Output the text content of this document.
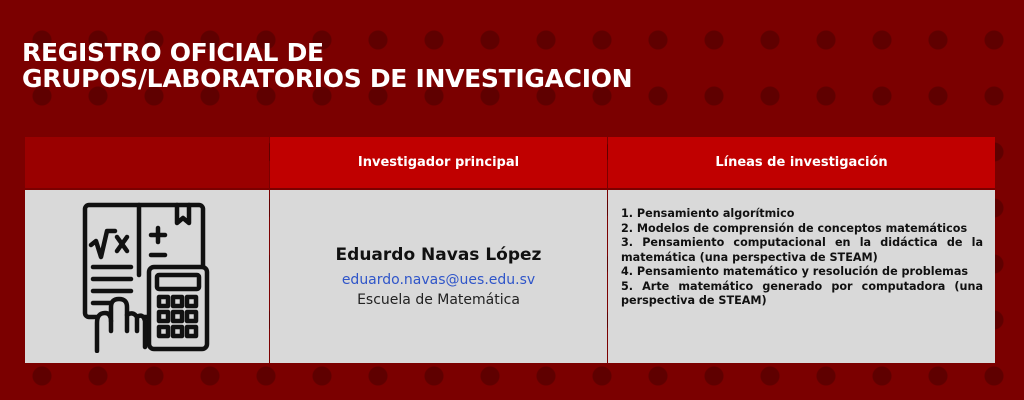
REGISTRO OFICIAL DE
GRUPOS/LABORATORIOS DE INVESTIGACION
Investigador principal
Eduardo Navas López
eduardo.navas@ues.edu.sv
Escuela de Matemática
Líneas de investigación
1. Pensamiento algorítmico
2. Modelos de comprensión de conceptos matemáticos
3. Pensamiento computacional en la didáctica de la matemática (una perspectiva de STEAM)
4. Pensamiento matemático y resolución de problemas
5. Arte matemático generado por computadora (una perspectiva de STEAM)
